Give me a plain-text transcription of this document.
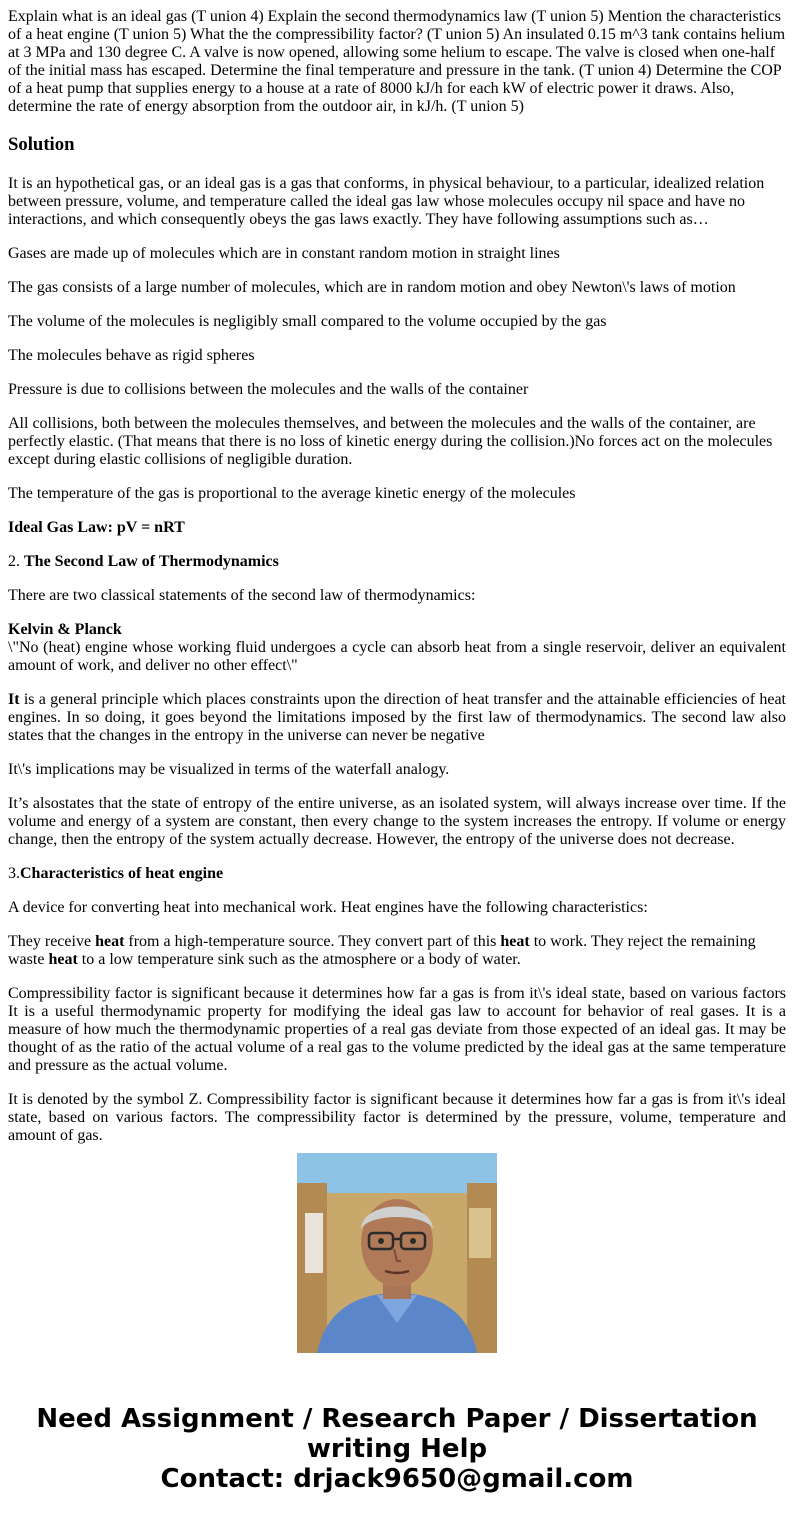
Explain what is an ideal gas (T union 4) Explain the second thermodynamics law (T union 5) Mention the characteristics of a heat engine (T union 5) What the the compressibility factor? (T union 5) An insulated 0.15 m^3 tank contains helium at 3 MPa and 130 degree C. A valve is now opened, allowing some helium to escape. The valve is closed when one-half of the initial mass has escaped. Determine the final temperature and pressure in the tank. (T union 4) Determine the COP of a heat pump that supplies energy to a house at a rate of 8000 kJ/h for each kW of electric power it draws. Also, determine the rate of energy absorption from the outdoor air, in kJ/h. (T union 5)

Solution

It is an hypothetical gas, or an ideal gas is a gas that conforms, in physical behaviour, to a particular, idealized relation between pressure, volume, and temperature called the ideal gas law whose molecules occupy nil space and have no interactions, and which consequently obeys the gas laws exactly. They have following assumptions such as…

Gases are made up of molecules which are in constant random motion in straight lines

The gas consists of a large number of molecules, which are in random motion and obey Newton\'s laws of motion

The volume of the molecules is negligibly small compared to the volume occupied by the gas

The molecules behave as rigid spheres

Pressure is due to collisions between the molecules and the walls of the container

All collisions, both between the molecules themselves, and between the molecules and the walls of the container, are perfectly elastic. (That means that there is no loss of kinetic energy during the collision.)No forces act on the molecules except during elastic collisions of negligible duration.

The temperature of the gas is proportional to the average kinetic energy of the molecules

Ideal Gas Law: pV = nRT

2. The Second Law of Thermodynamics

There are two classical statements of the second law of thermodynamics:

Kelvin & Planck
\"No (heat) engine whose working fluid undergoes a cycle can absorb heat from a single reservoir, deliver an equivalent amount of work, and deliver no other effect\"

It is a general principle which places constraints upon the direction of heat transfer and the attainable efficiencies of heat engines. In so doing, it goes beyond the limitations imposed by the first law of thermodynamics. The second law also states that the changes in the entropy in the universe can never be negative

It\'s implications may be visualized in terms of the waterfall analogy.

It’s alsostates that the state of entropy of the entire universe, as an isolated system, will always increase over time. If the volume and energy of a system are constant, then every change to the system increases the entropy. If volume or energy change, then the entropy of the system actually decrease. However, the entropy of the universe does not decrease.

3.Characteristics of heat engine

A device for converting heat into mechanical work. Heat engines have the following characteristics:

They receive heat from a high-temperature source. They convert part of this heat to work. They reject the remaining waste heat to a low temperature sink such as the atmosphere or a body of water.

Compressibility factor is significant because it determines how far a gas is from it\'s ideal state, based on various factors It is a useful thermodynamic property for modifying the ideal gas law to account for behavior of real gases. It is a measure of how much the thermodynamic properties of a real gas deviate from those expected of an ideal gas. It may be thought of as the ratio of the actual volume of a real gas to the volume predicted by the ideal gas at the same temperature and pressure as the actual volume.

It is denoted by the symbol Z. Compressibility factor is significant because it determines how far a gas is from it\'s ideal state, based on various factors. The compressibility factor is determined by the pressure, volume, temperature and amount of gas.

Need Assignment / Research Paper / Dissertation
writing Help
Contact: drjack9650@gmail.com
